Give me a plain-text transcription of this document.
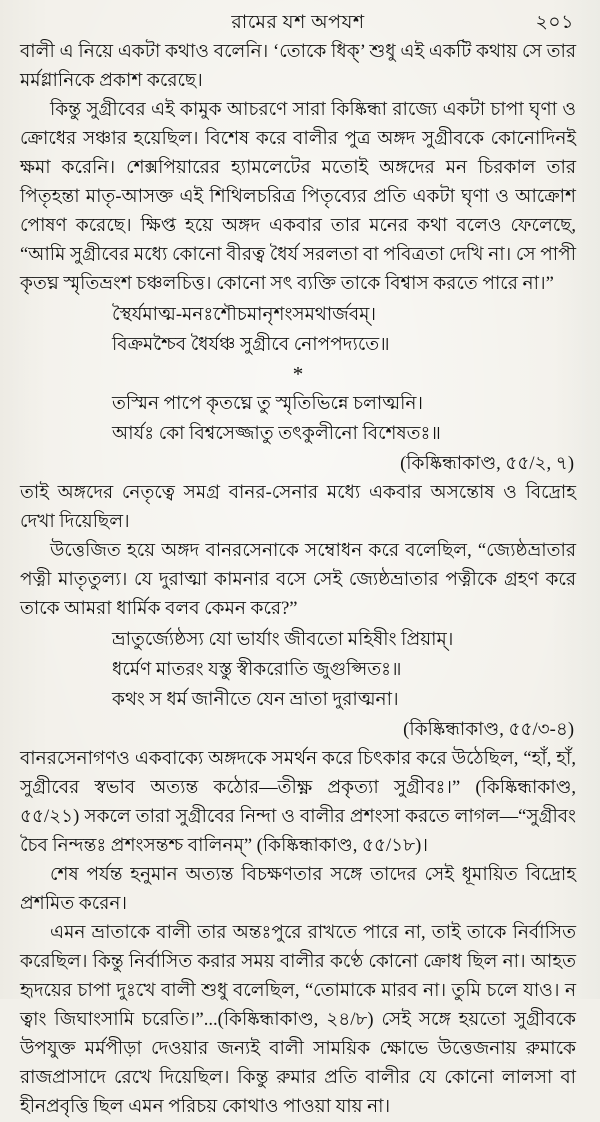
রামের যশ অপযশ	২০১

বালী এ নিয়ে একটা কথাও বলেনি। ‘তোকে ধিক্‌’ শুধু এই একটি কথায় সে তার মর্মগ্লানিকে প্রকাশ করেছে।

কিন্তু সুগ্রীবের এই কামুক আচরণে সারা কিষ্কিন্ধা রাজ্যে একটা চাপা ঘৃণা ও ক্রোধের সঞ্চার হয়েছিল। বিশেষ করে বালীর পুত্র অঙ্গদ সুগ্রীবকে কোনোদিনই ক্ষমা করেনি। শেক্সপিয়ারের হ্যামলেটের মতোই অঙ্গদের মন চিরকাল তার পিতৃহন্তা মাতৃ-আসক্ত এই শিথিলচরিত্র পিতৃব্যের প্রতি একটা ঘৃণা ও আক্রোশ পোষণ করেছে। ক্ষিপ্ত হয়ে অঙ্গদ একবার তার মনের কথা বলেও ফেলেছে, “আমি সুগ্রীবের মধ্যে কোনো বীরত্ব ধৈর্য সরলতা বা পবিত্রতা দেখি না। সে পাপী কৃতঘ্ন স্মৃতিভ্রংশ চঞ্চলচিত্ত। কোনো সৎ ব্যক্তি তাকে বিশ্বাস করতে পারে না।”

স্থৈর্যমাত্ম-মনঃশৌচমানৃশংসমথার্জবম্‌।
বিক্রমশ্চৈব ধৈর্যঞ্চ সুগ্রীবে নোপপদ্যতে॥
*
তস্মিন পাপে কৃতঘ্নে তু স্মৃতিভিন্নে চলাত্মনি।
আর্যঃ কো বিশ্বসেজ্জাতু তৎকুলীনো বিশেষতঃ॥
(কিষ্কিন্ধাকাণ্ড, ৫৫/২, ৭)

তাই অঙ্গদের নেতৃত্বে সমগ্র বানর-সেনার মধ্যে একবার অসন্তোষ ও বিদ্রোহ দেখা দিয়েছিল।

উত্তেজিত হয়ে অঙ্গদ বানরসেনাকে সম্বোধন করে বলেছিল, “জ্যেষ্ঠভ্রাতার পত্নী মাতৃতুল্য। যে দুরাত্মা কামনার বসে সেই জ্যেষ্ঠভ্রাতার পত্নীকে গ্রহণ করে তাকে আমরা ধার্মিক বলব কেমন করে?”

ভ্রাতুর্জ্যেষ্ঠস্য যো ভার্যাং জীবতো মহিষীং প্রিয়াম্‌।
ধর্মেণ মাতরং যস্তু স্বীকরোতি জুগুপ্সিতঃ॥
কথং স ধর্ম জানীতে যেন ভ্রাতা দুরাত্মনা।
(কিষ্কিন্ধাকাণ্ড, ৫৫/৩-৪)

বানরসেনাগণও একবাক্যে অঙ্গদকে সমর্থন করে চিৎকার করে উঠেছিল, “হাঁ, হাঁ, সুগ্রীবের স্বভাব অত্যন্ত কঠোর—তীক্ষ্ণ প্রকৃত্যা সুগ্রীবঃ।” (কিষ্কিন্ধাকাণ্ড, ৫৫/২১) সকলে তারা সুগ্রীবের নিন্দা ও বালীর প্রশংসা করতে লাগল—“সুগ্রীবং চৈব নিন্দন্তঃ প্রশংসন্তশ্চ বালিনম্‌” (কিষ্কিন্ধাকাণ্ড, ৫৫/১৮)।

শেষ পর্যন্ত হনুমান অত্যন্ত বিচক্ষণতার সঙ্গে তাদের সেই ধূমায়িত বিদ্রোহ প্রশমিত করেন।

এমন ভ্রাতাকে বালী তার অন্তঃপুরে রাখতে পারে না, তাই তাকে নির্বাসিত করেছিল। কিন্তু নির্বাসিত করার সময় বালীর কণ্ঠে কোনো ক্রোধ ছিল না। আহত হৃদয়ের চাপা দুঃখে বালী শুধু বলেছিল, “তোমাকে মারব না। তুমি চলে যাও। ন ত্বাং জিঘাংসামি চরেতি।”...(কিষ্কিন্ধাকাণ্ড, ২৪/৮) সেই সঙ্গে হয়তো সুগ্রীবকে উপযুক্ত মর্মপীড়া দেওয়ার জন্যই বালী সাময়িক ক্ষোভে উত্তেজনায় রুমাকে রাজপ্রাসাদে রেখে দিয়েছিল। কিন্তু রুমার প্রতি বালীর যে কোনো লালসা বা হীনপ্রবৃত্তি ছিল এমন পরিচয় কোথাও পাওয়া যায় না।
